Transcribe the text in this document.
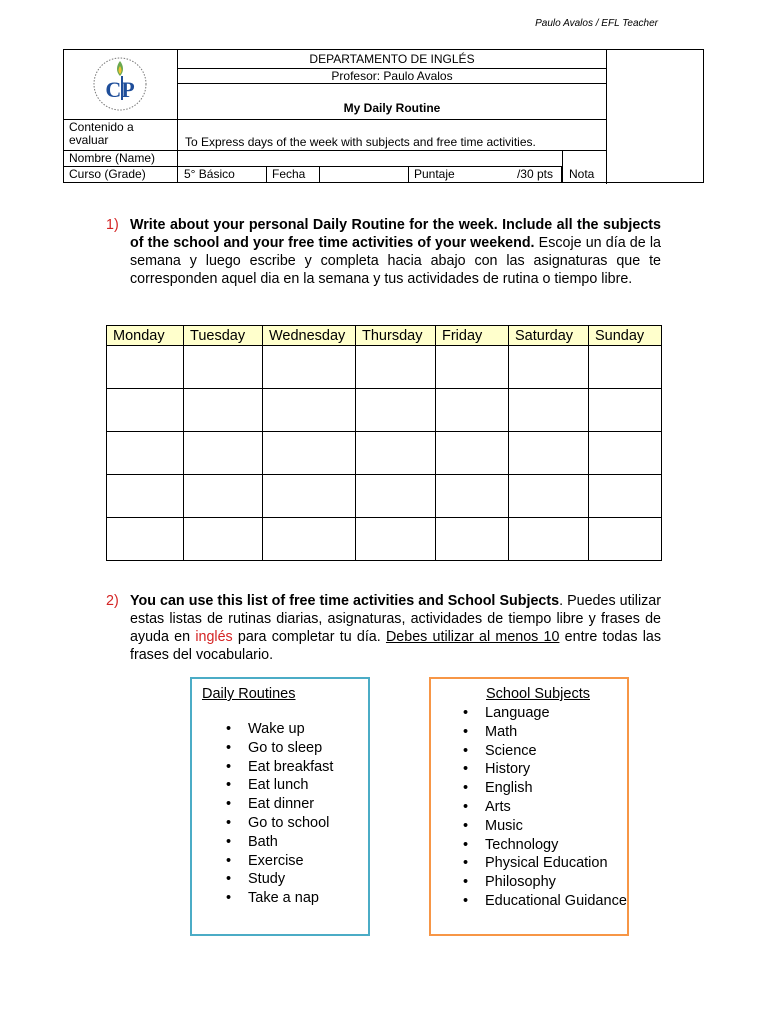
Paulo Avalos / EFL Teacher
CP
DEPARTAMENTO DE INGLÉS
Profesor: Paulo Avalos
My Daily Routine
Contenido a evaluar	To Express days of the week with subjects and free time activities.
Nombre (Name)
Curso (Grade)	5° Básico	Fecha	Puntaje	/30 pts	Nota
1) Write about your personal Daily Routine for the week. Include all the subjects of the school and your free time activities of your weekend. Escoje un día de la semana y luego escribe y completa hacia abajo con las asignaturas que te corresponden aquel dia en la semana y tus actividades de rutina o tiempo libre.
Monday	Tuesday	Wednesday	Thursday	Friday	Saturday	Sunday

2) You can use this list of free time activities and School Subjects. Puedes utilizar estas listas de rutinas diarias, asignaturas, actividades de tiempo libre y frases de ayuda en inglés para completar tu día. Debes utilizar al menos 10 entre todas las frases del vocabulario.
Daily Routines
• Wake up
• Go to sleep
• Eat breakfast
• Eat lunch
• Eat dinner
• Go to school
• Bath
• Exercise
• Study
• Take a nap
School Subjects
• Language
• Math
• Science
• History
• English
• Arts
• Music
• Technology
• Physical Education
• Philosophy
• Educational Guidance
